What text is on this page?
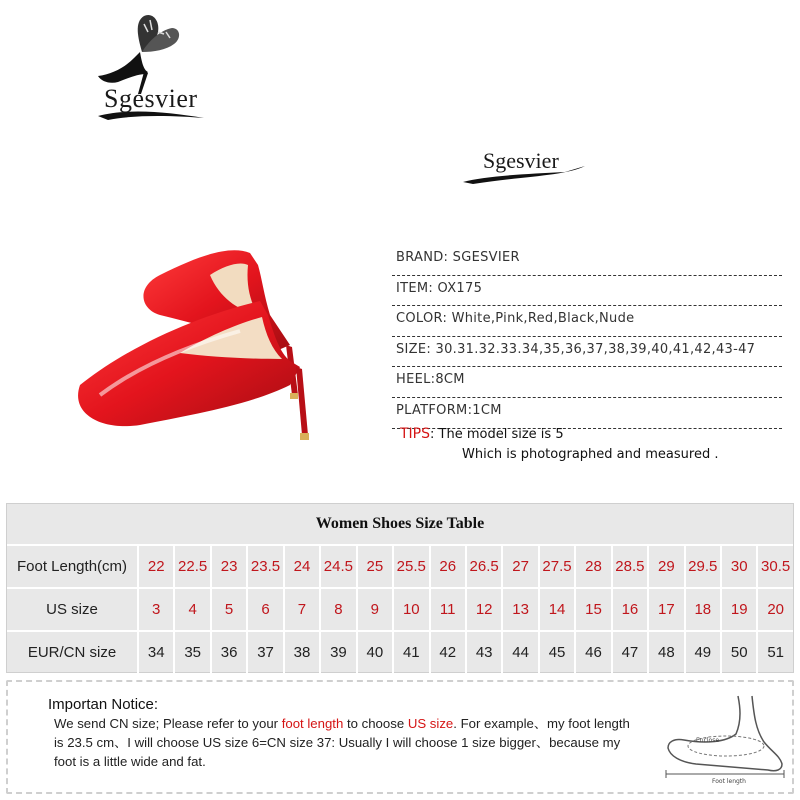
Sgesvier
Sgesvier
BRAND: SGESVIER
ITEM: OX175
COLOR: White,Pink,Red,Black,Nude
SIZE: 30.31.32.33.34,35,36,37,38,39,40,41,42,43-47
HEEL:8CM
PLATFORM:1CM
TIPS: The model size is 5
Which is photographed and measured .
Women Shoes Size Table
Foot Length(cm)	22 22.5 23 23.5 24 24.5 25 25.5 26 26.5 27 27.5 28 28.5 29 29.5 30 30.5
US size	3	4	5	6	7	8	9	10	11	12	13	14	15	16	17	18	19	20
EUR/CN size	34	35	36	37	38	39	40	41	42	43	44	45	46	47	48	49	50	51
Importan Notice:
We send CN size; Please refer to your foot length to choose US size. For example、my foot length is 23.5 cm、I will choose US size 6=CN size 37: Usually I will choose 1 size bigger、because my foot is a little wide and fat.
Enclose
Foot length
